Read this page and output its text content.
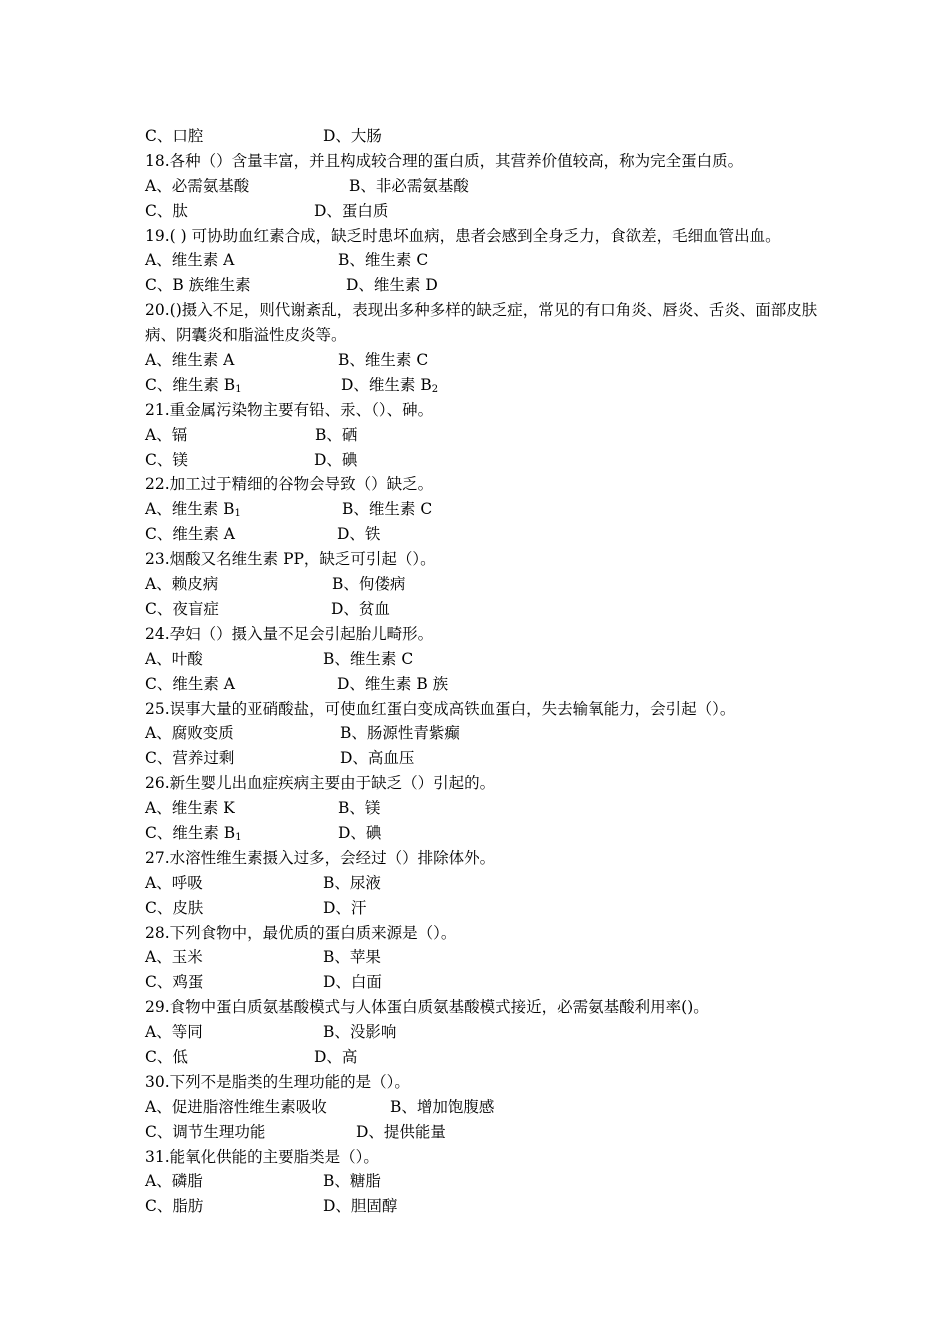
C、口腔	D、大肠
18.各种（）含量丰富，并且构成较合理的蛋白质，其营养价值较高，称为完全蛋白质。
A、必需氨基酸	B、非必需氨基酸
C、肽	D、蛋白质
19.( ) 可协助血红素合成，缺乏时患坏血病，患者会感到全身乏力，食欲差，毛细血管出血。
A、维生素 A	B、维生素 C
C、B 族维生素	D、维生素 D
20.()摄入不足，则代谢紊乱，表现出多种多样的缺乏症，常见的有口角炎、唇炎、舌炎、面部皮肤病、阴囊炎和脂溢性皮炎等。
A、维生素 A	B、维生素 C
C、维生素 $B_1$	D、维生素 $B_2$
21.重金属污染物主要有铅、汞、（）、砷。
A、镉	B、硒
C、镁	D、碘
22.加工过于精细的谷物会导致（）缺乏。
A、维生素 $B_1$	B、维生素 C
C、维生素 A	D、铁
23.烟酸又名维生素 PP，缺乏可引起（）。
A、赖皮病	B、佝偻病
C、夜盲症	D、贫血
24.孕妇（）摄入量不足会引起胎儿畸形。
A、叶酸	B、维生素 C
C、维生素 A	D、维生素 B 族
25.误事大量的亚硝酸盐，可使血红蛋白变成高铁血蛋白，失去输氧能力，会引起（）。
A、腐败变质	B、肠源性青紫癫
C、营养过剩	D、高血压
26.新生婴儿出血症疾病主要由于缺乏（）引起的。
A、维生素 K	B、镁
C、维生素 $B_1$	D、碘
27.水溶性维生素摄入过多，会经过（）排除体外。
A、呼吸	B、尿液
C、皮肤	D、汗
28.下列食物中，最优质的蛋白质来源是（）。
A、玉米	B、苹果
C、鸡蛋	D、白面
29.食物中蛋白质氨基酸模式与人体蛋白质氨基酸模式接近，必需氨基酸利用率()。
A、等同	B、没影响
C、低	D、高
30.下列不是脂类的生理功能的是（）。
A、促进脂溶性维生素吸收	B、增加饱腹感
C、调节生理功能	D、提供能量
31.能氧化供能的主要脂类是（）。
A、磷脂	B、糖脂
C、脂肪	D、胆固醇
